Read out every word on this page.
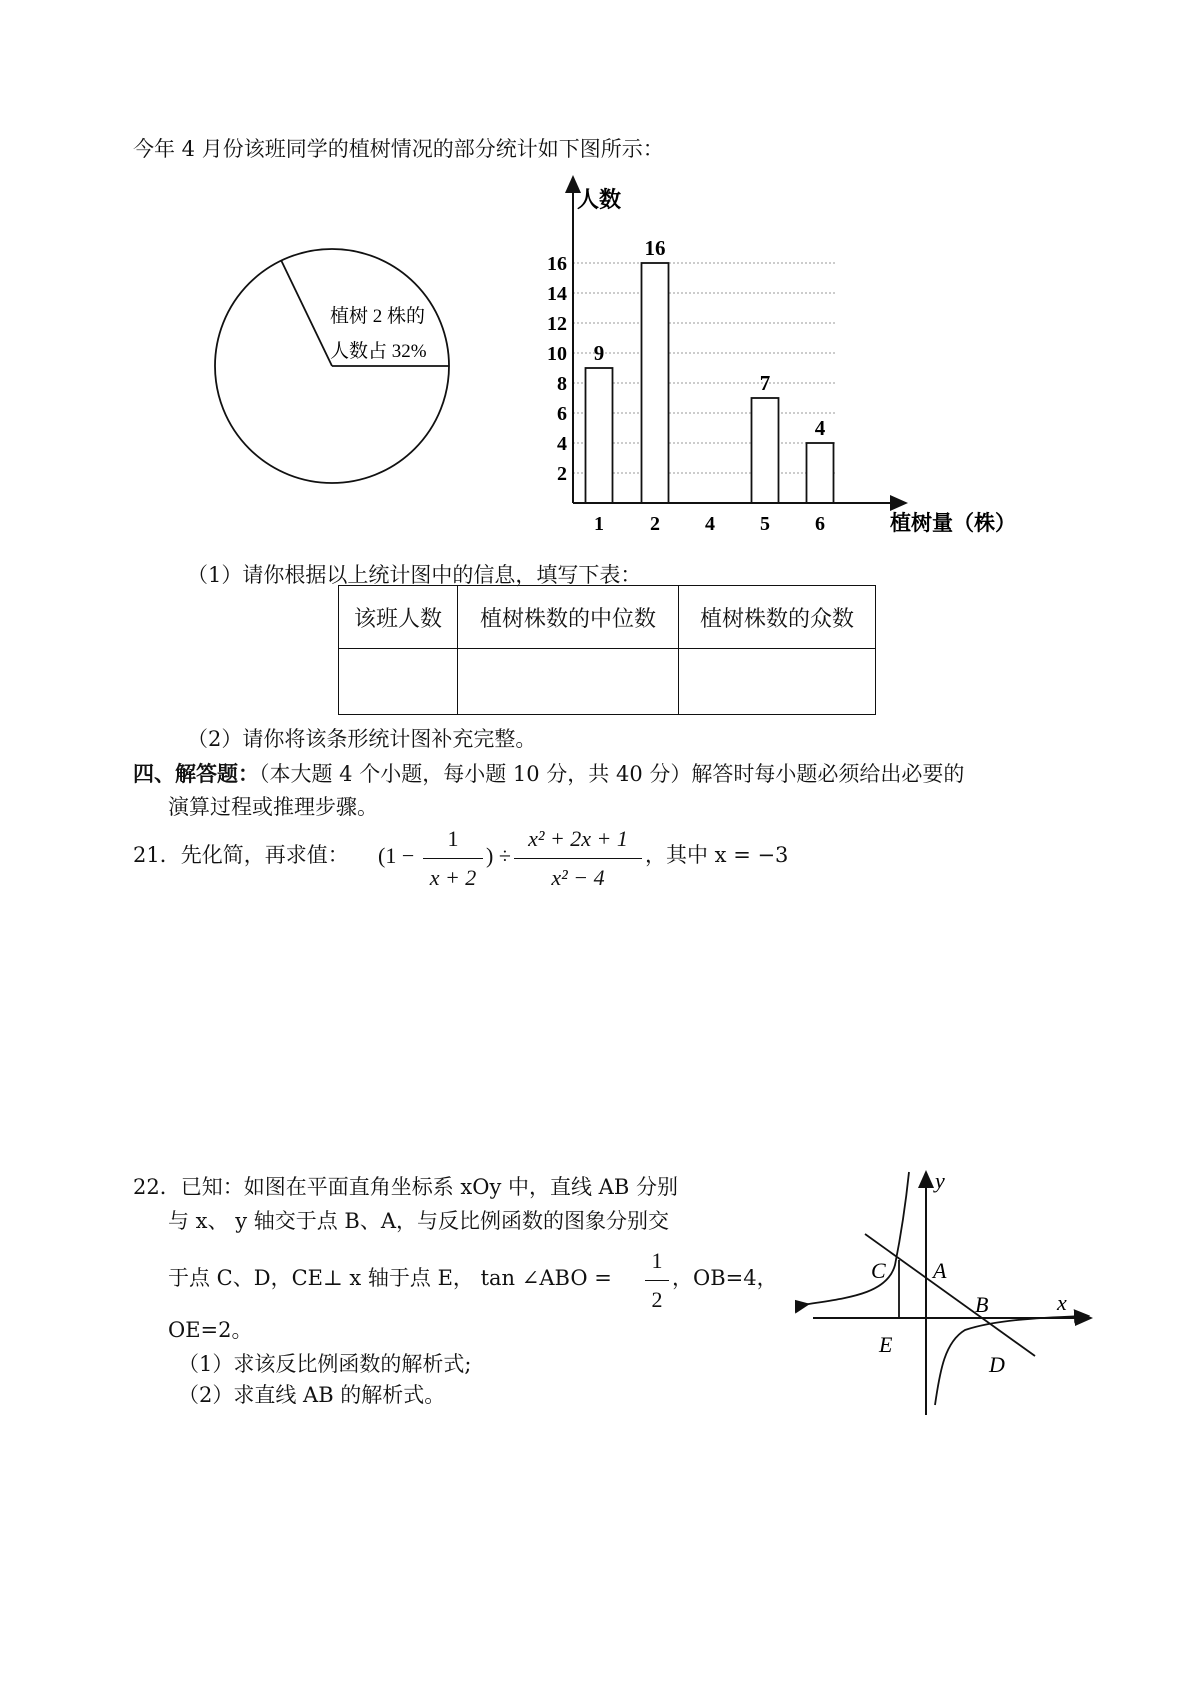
今年 4 月份该班同学的植树情况的部分统计如下图所示：
植树 2 株的
人数占 32%	9
16
7
4
人数
植树量（株）
16
14
12
10
8
6
4
2
1 2 4 5 6
（1）请你根据以上统计图中的信息，填写下表：
该班人数	植树株数的中位数	植树株数的众数

（2）请你将该条形统计图补充完整。
四、解答题：（本大题 4 个小题，每小题 10 分，共 40 分）解答时每小题必须给出必要的
演算过程或推理步骤。
21．先化简，再求值： (1 −
1
x + 2
) ÷
x² + 2x + 1
x² − 4
，其中 x = −3
22．已知：如图在平面直角坐标系 xOy 中，直线 AB 分别
与 x、 y 轴交于点 B、A，与反比例函数的图象分别交
于点 C、D，CE⊥ x 轴于点 E， tan ∠ABO =
1
2
，OB=4，
OE=2。
（1）求该反比例函数的解析式;
（2）求直线 AB 的解析式。
y
x
A
B
C
D
E
